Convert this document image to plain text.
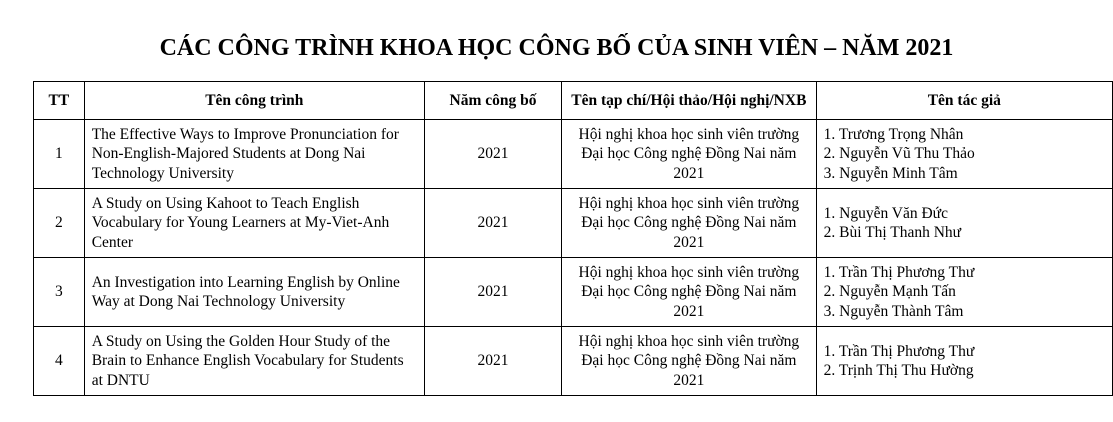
CÁC CÔNG TRÌNH KHOA HỌC CÔNG BỐ CỦA SINH VIÊN – NĂM 2021
TT	Tên công trình	Năm công bố	Tên tạp chí/Hội thảo/Hội nghị/NXB	Tên tác giả
1	The Effective Ways to Improve Pronunciation for Non-English-Majored Students at Dong Nai Technology University	2021	Hội nghị khoa học sinh viên trường Đại học Công nghệ Đồng Nai năm 2021	1. Trương Trọng Nhân
2. Nguyễn Vũ Thu Thảo
3. Nguyễn Minh Tâm

2	A Study on Using Kahoot to Teach English Vocabulary for Young Learners at My-Viet-Anh Center	2021	Hội nghị khoa học sinh viên trường Đại học Công nghệ Đồng Nai năm 2021	1. Nguyễn Văn Đức
2. Bùi Thị Thanh Như

3	An Investigation into Learning English by Online Way at Dong Nai Technology University	2021	Hội nghị khoa học sinh viên trường Đại học Công nghệ Đồng Nai năm 2021	1. Trần Thị Phương Thư
2. Nguyễn Mạnh Tấn
3. Nguyễn Thành Tâm

4	A Study on Using the Golden Hour Study of the Brain to Enhance English Vocabulary for Students at DNTU	2021	Hội nghị khoa học sinh viên trường Đại học Công nghệ Đồng Nai năm 2021	1. Trần Thị Phương Thư
2. Trịnh Thị Thu Hường
